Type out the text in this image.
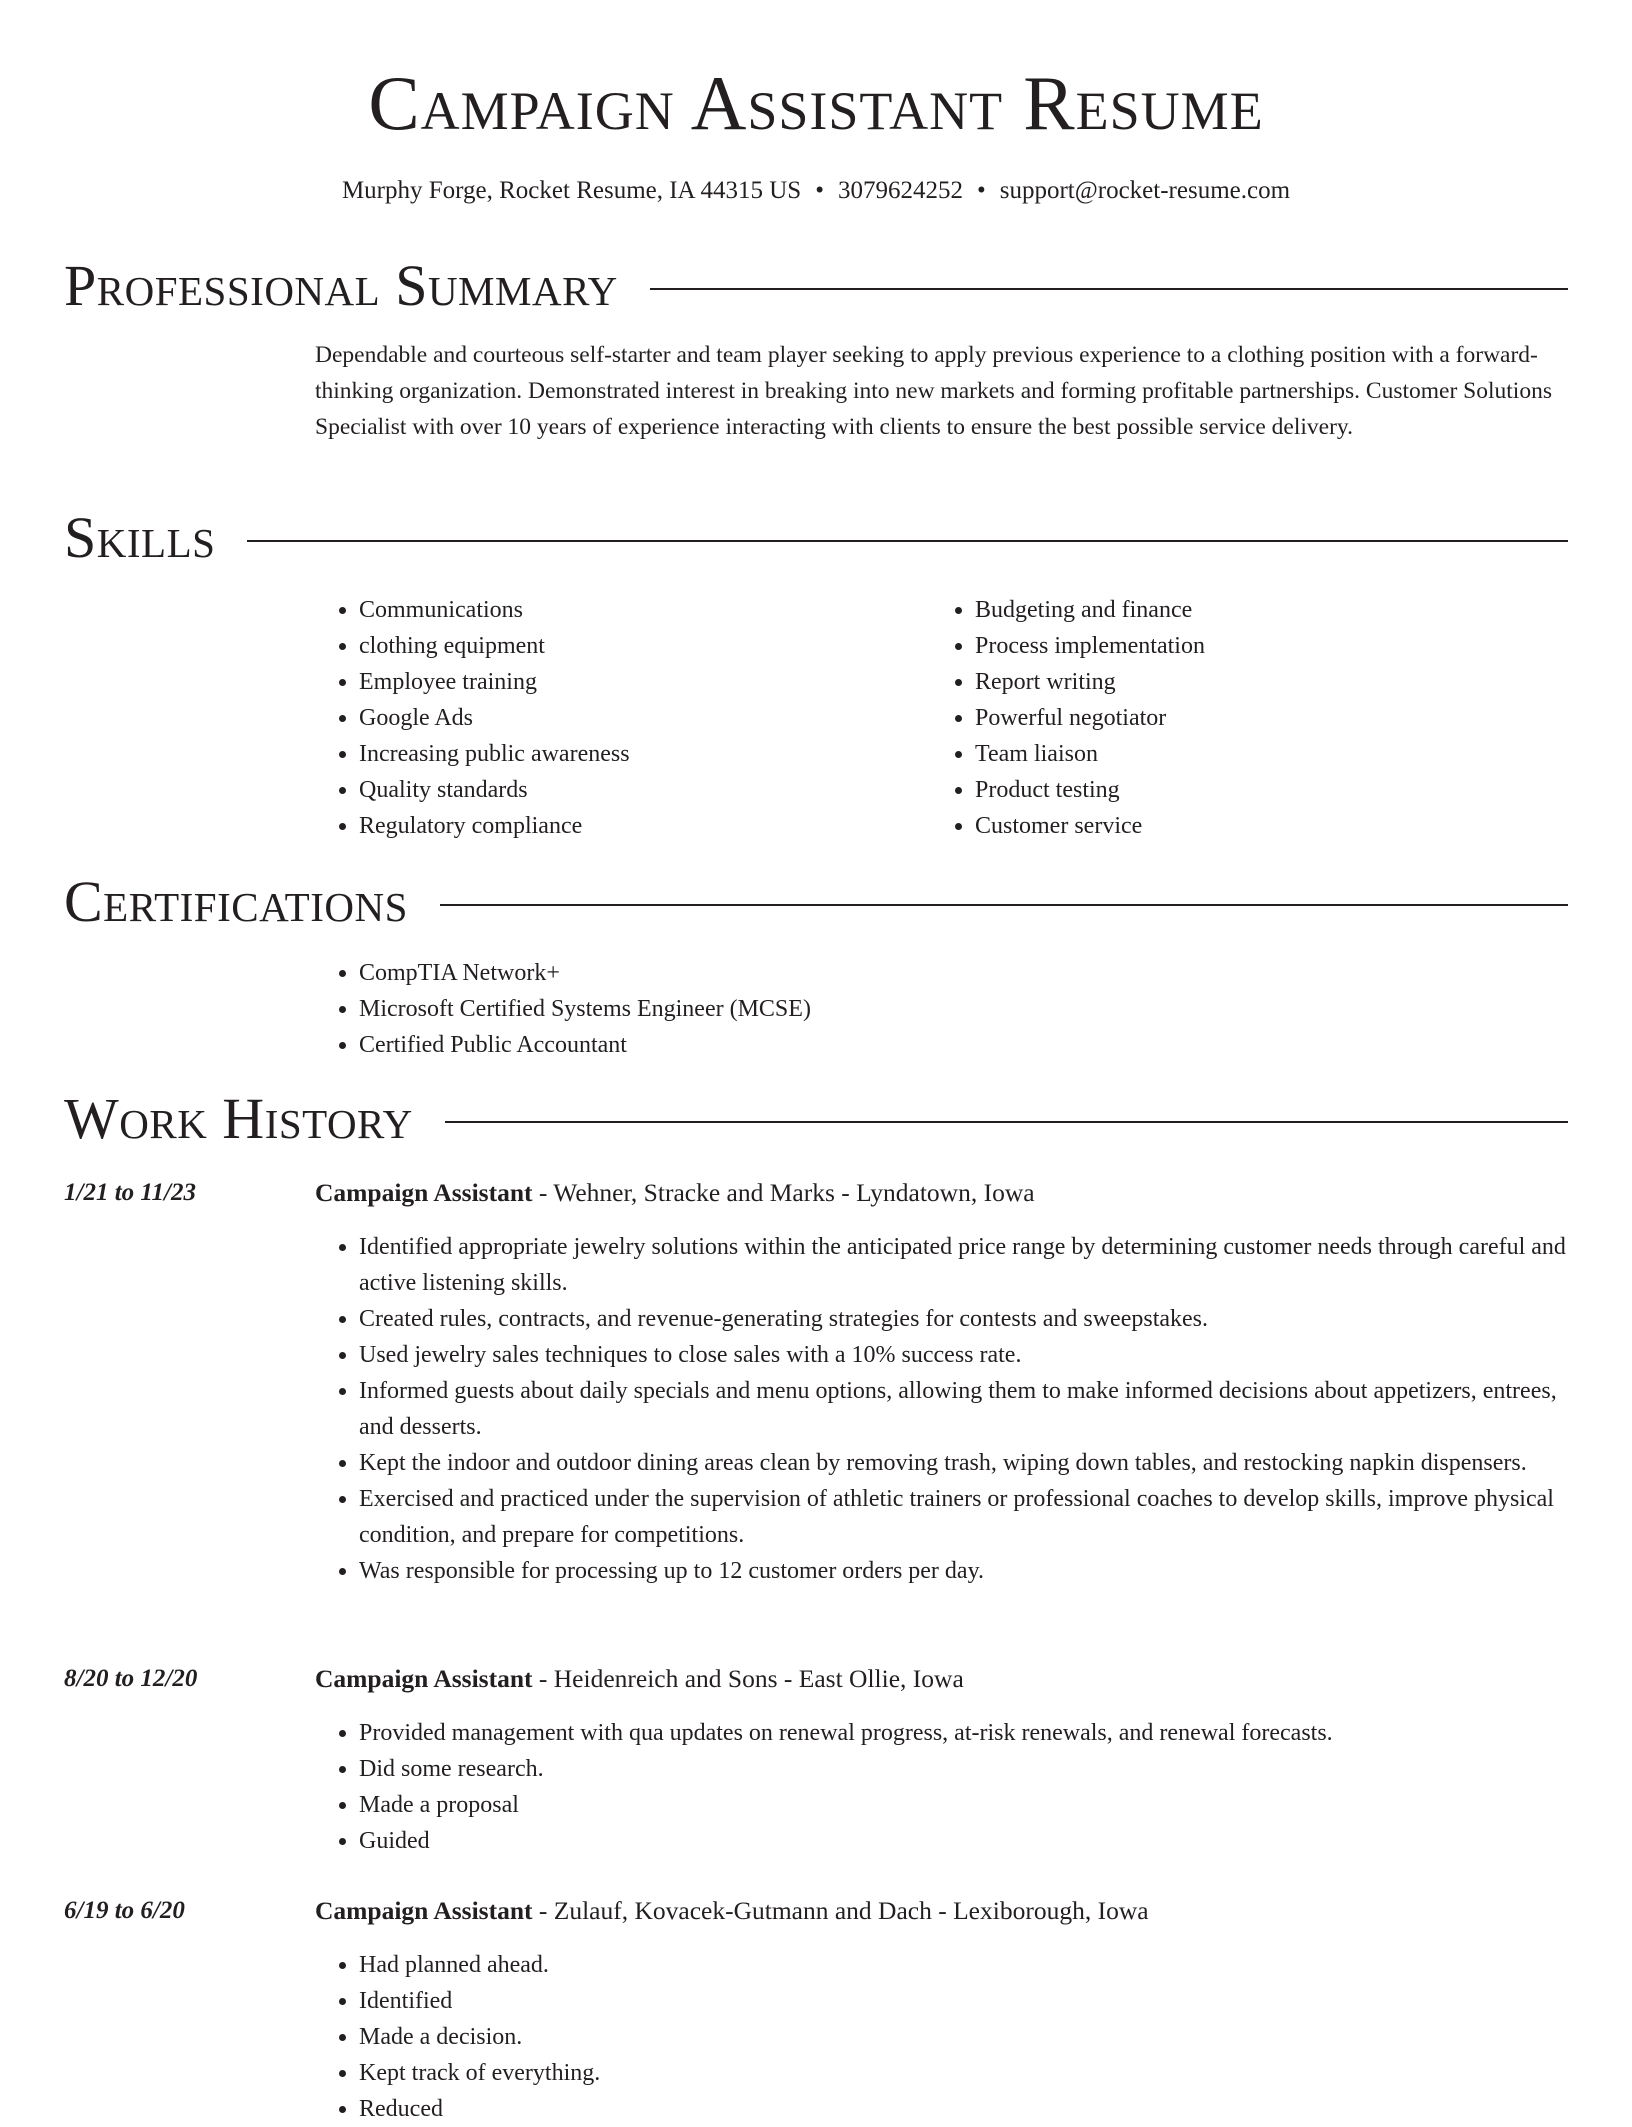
Campaign Assistant Resume
Murphy Forge, Rocket Resume, IA 44315 US • 3079624252 • support@rocket-resume.com
Professional Summary

Dependable and courteous self-starter and team player seeking to apply previous experience to a clothing position with a forward-thinking organization. Demonstrated interest in breaking into new markets and forming profitable partnerships. Customer Solutions Specialist with over 10 years of experience interacting with clients to ensure the best possible service delivery.

Skills
• Communications
• clothing equipment
• Employee training
• Google Ads
• Increasing public awareness
• Quality standards
• Regulatory compliance
• Budgeting and finance
• Process implementation
• Report writing
• Powerful negotiator
• Team liaison
• Product testing
• Customer service
Certifications
• CompTIA Network+
• Microsoft Certified Systems Engineer (MCSE)
• Certified Public Accountant
Work History
1/21 to 11/23	Campaign Assistant - Wehner, Stracke and Marks - Lyndatown, Iowa
• Identified appropriate jewelry solutions within the anticipated price range by determining customer needs through careful and active listening skills.
• Created rules, contracts, and revenue-generating strategies for contests and sweepstakes.
• Used jewelry sales techniques to close sales with a 10% success rate.
• Informed guests about daily specials and menu options, allowing them to make informed decisions about appetizers, entrees, and desserts.
• Kept the indoor and outdoor dining areas clean by removing trash, wiping down tables, and restocking napkin dispensers.
• Exercised and practiced under the supervision of athletic trainers or professional coaches to develop skills, improve physical condition, and prepare for competitions.
• Was responsible for processing up to 12 customer orders per day.
8/20 to 12/20	Campaign Assistant - Heidenreich and Sons - East Ollie, Iowa
• Provided management with qua updates on renewal progress, at-risk renewals, and renewal forecasts.
• Did some research.
• Made a proposal
• Guided
6/19 to 6/20	Campaign Assistant - Zulauf, Kovacek-Gutmann and Dach - Lexiborough, Iowa
• Had planned ahead.
• Identified
• Made a decision.
• Kept track of everything.
• Reduced
